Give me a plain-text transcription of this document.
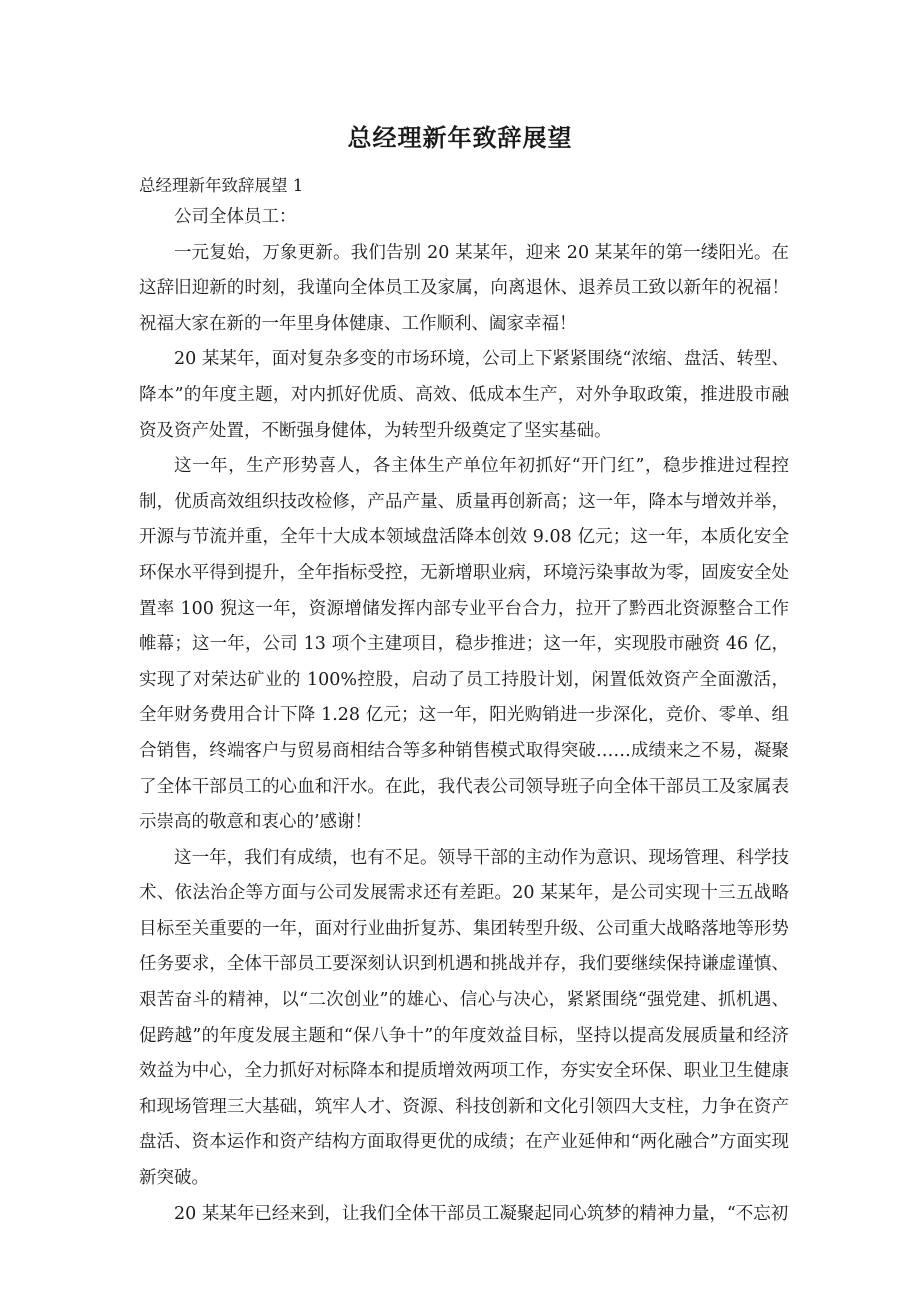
总经理新年致辞展望

总经理新年致辞展望 1

公司全体员工：

一元复始，万象更新。我们告别 20 某某年，迎来 20 某某年的第一缕阳光。在这辞旧迎新的时刻，我谨向全体员工及家属，向离退休、退养员工致以新年的祝福！祝福大家在新的一年里身体健康、工作顺利、阖家幸福！

20 某某年，面对复杂多变的市场环境，公司上下紧紧围绕“浓缩、盘活、转型、降本”的年度主题，对内抓好优质、高效、低成本生产，对外争取政策，推进股市融资及资产处置，不断强身健体，为转型升级奠定了坚实基础。

这一年，生产形势喜人，各主体生产单位年初抓好“开门红”，稳步推进过程控制，优质高效组织技改检修，产品产量、质量再创新高；这一年，降本与增效并举，开源与节流并重，全年十大成本领域盘活降本创效 9.08 亿元；这一年，本质化安全环保水平得到提升，全年指标受控，无新增职业病，环境污染事故为零，固废安全处置率 100 猊这一年，资源增储发挥内部专业平台合力，拉开了黔西北资源整合工作帷幕；这一年，公司 13 项个主建项目，稳步推进；这一年，实现股市融资 46 亿，实现了对荣达矿业的 100%控股，启动了员工持股计划，闲置低效资产全面激活，全年财务费用合计下降 1.28 亿元；这一年，阳光购销进一步深化，竞价、零单、组合销售，终端客户与贸易商相结合等多种销售模式取得突破……成绩来之不易，凝聚了全体干部员工的心血和汗水。在此，我代表公司领导班子向全体干部员工及家属表示崇高的敬意和衷心的’感谢！

这一年，我们有成绩，也有不足。领导干部的主动作为意识、现场管理、科学技术、依法治企等方面与公司发展需求还有差距。20 某某年，是公司实现十三五战略目标至关重要的一年，面对行业曲折复苏、集团转型升级、公司重大战略落地等形势任务要求，全体干部员工要深刻认识到机遇和挑战并存，我们要继续保持谦虚谨慎、艰苦奋斗的精神，以“二次创业”的雄心、信心与决心，紧紧围绕“强党建、抓机遇、促跨越”的年度发展主题和“保八争十”的年度效益目标，坚持以提高发展质量和经济效益为中心，全力抓好对标降本和提质增效两项工作，夯实安全环保、职业卫生健康和现场管理三大基础，筑牢人才、资源、科技创新和文化引领四大支柱，力争在资产盘活、资本运作和资产结构方面取得更优的成绩；在产业延伸和“两化融合”方面实现新突破。

20 某某年已经来到，让我们全体干部员工凝聚起同心筑梦的精神力量，“不忘初
